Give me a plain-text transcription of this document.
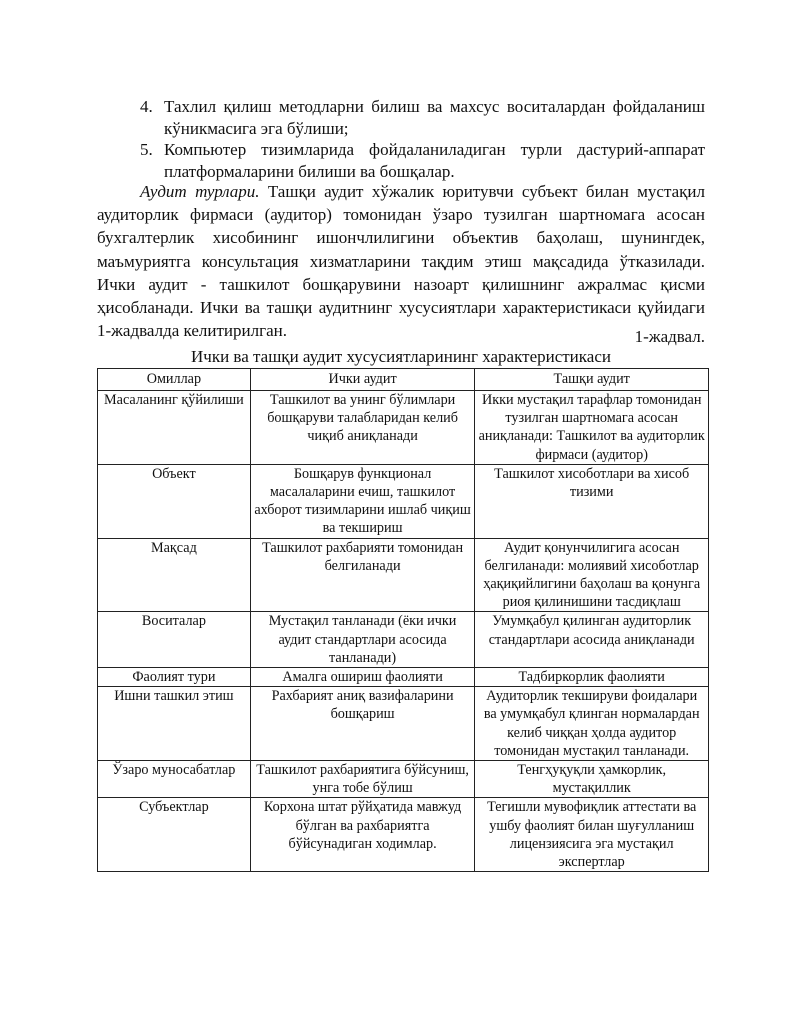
4. Тахлил қилиш методларни билиш ва махсус воситалардан фойдаланиш кўникмасига эга бўлиши;
5. Компьютер тизимларида фойдаланиладиган турли дастурий-аппарат платформаларини билиши ва бошқалар.

Аудит турлари. Ташқи аудит хўжалик юритувчи субъект билан мустақил аудиторлик фирмаси (аудитор) томонидан ўзаро тузилган шартномага асосан бухгалтерлик хисобининг ишончлилигини объектив баҳолаш, шунингдек, маъмуриятга консультация хизматларини тақдим этиш мақсадида ўтказилади. Ички аудит - ташкилот бошқарувини назоарт қилишнинг ажралмас қисми ҳисобланади. Ички ва ташқи аудитнинг хусусиятлари характеристикаси қуйидаги 1-жадвалда келитирилган.	1-жадвал.
Ички ва ташқи аудит хусусиятларининг характеристикаси
Омиллар	Ички аудит	Ташқи аудит
Масаланинг қўйилиши	Ташкилот ва унинг бўлимлари бошқаруви талабларидан келиб чиқиб аниқланади	Икки мустақил тарафлар томонидан тузилган шартномага асосан аниқланади: Ташкилот ва аудиторлик фирмаси (аудитор)
Объект	Бошқарув функционал масалаларини ечиш, ташкилот ахборот тизимларини ишлаб чиқиш ва текшириш	Ташкилот хисоботлари ва хисоб тизими
Мақсад	Ташкилот рахбарияти томонидан белгиланади	Аудит қонунчилигига асосан белгиланади: молиявий хисоботлар ҳақиқийлигини баҳолаш ва қонунга риоя қилинишини тасдиқлаш
Воситалар	Мустақил танланади (ёки ички аудит стандартлари асосида танланади)	Умумқабул қилинган аудиторлик стандартлари асосида аниқланади
Фаолият тури	Амалга ошириш фаолияти	Тадбиркорлик фаолияти
Ишни ташкил этиш	Рахбарият аниқ вазифаларини бошқариш	Аудиторлик текшируви фоидалари ва умумқабул қлинган нормалардан келиб чиққан ҳолда аудитор томонидан мустақил танланади.
Ўзаро муносабатлар	Ташкилот рахбариятига бўйсуниш, унга тобе бўлиш	Тенгҳуқуқли ҳамкорлик, мустақиллик
Субъектлар	Корхона штат рўйҳатида мавжуд бўлган ва рахбариятга бўйсунадиган ходимлар.	Тегишли мувофиқлик аттестати ва ушбу фаолият билан шуғулланиш лицензиясига эга мустақил экспертлар
